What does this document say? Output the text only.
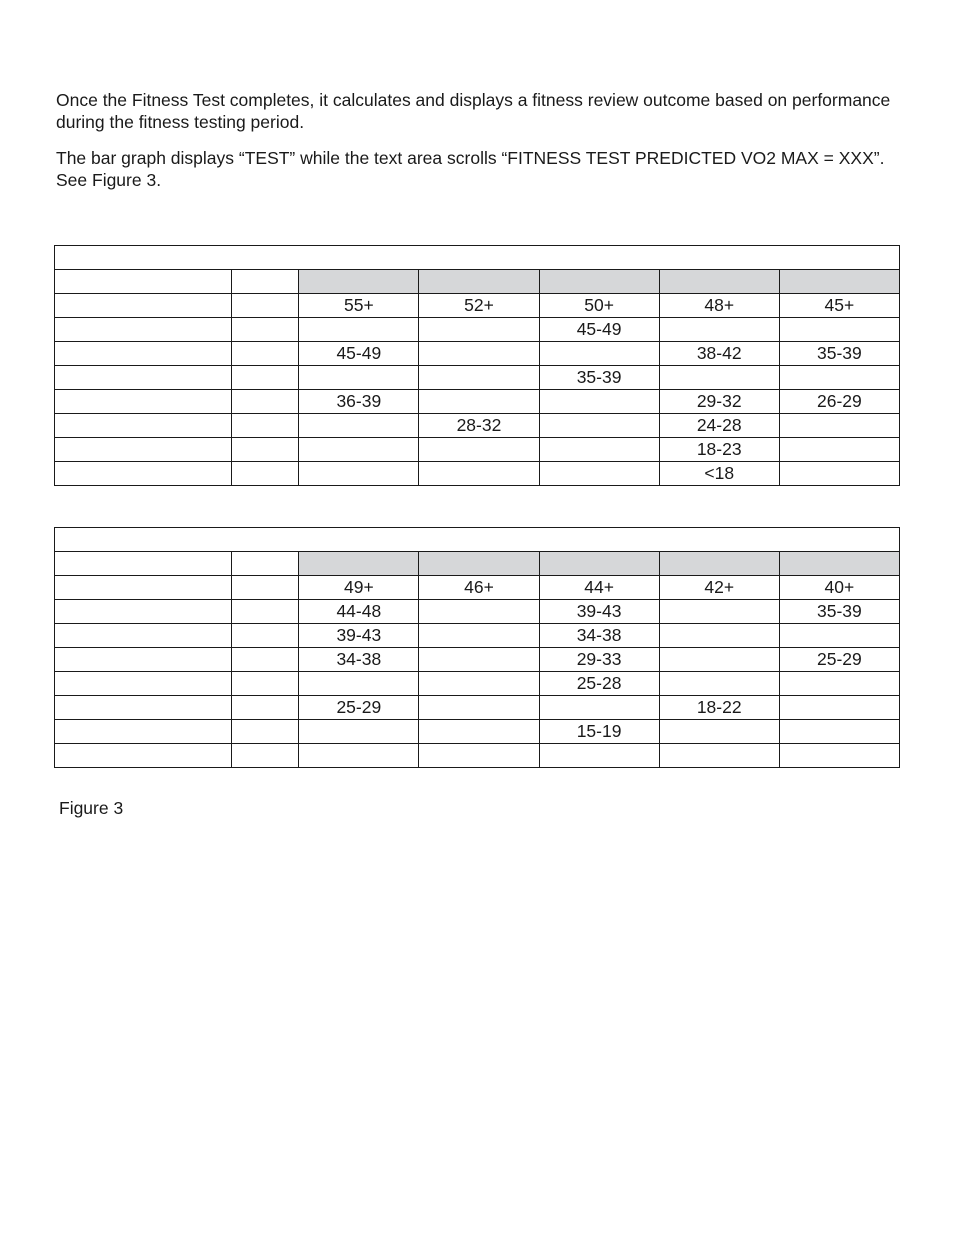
Once the Fitness Test completes, it calculates and displays a fitness review outcome based on performance during the fitness testing period.

The bar graph displays “TEST” while the text area scrolls “FITNESS TEST PREDICTED VO2 MAX = XXX”. See Figure 3.

		55+	52+	50+	48+	45+
				45-49		
		45-49			38-42	35-39
				35-39		
		36-39			29-32	26-29
			28-32		24-28	
					18-23	
					<18	

		49+	46+	44+	42+	40+
		44-48		39-43		35-39
		39-43		34-38		
		34-38		29-33		25-29
				25-28		
		25-29			18-22	
				15-19		

Figure 3
